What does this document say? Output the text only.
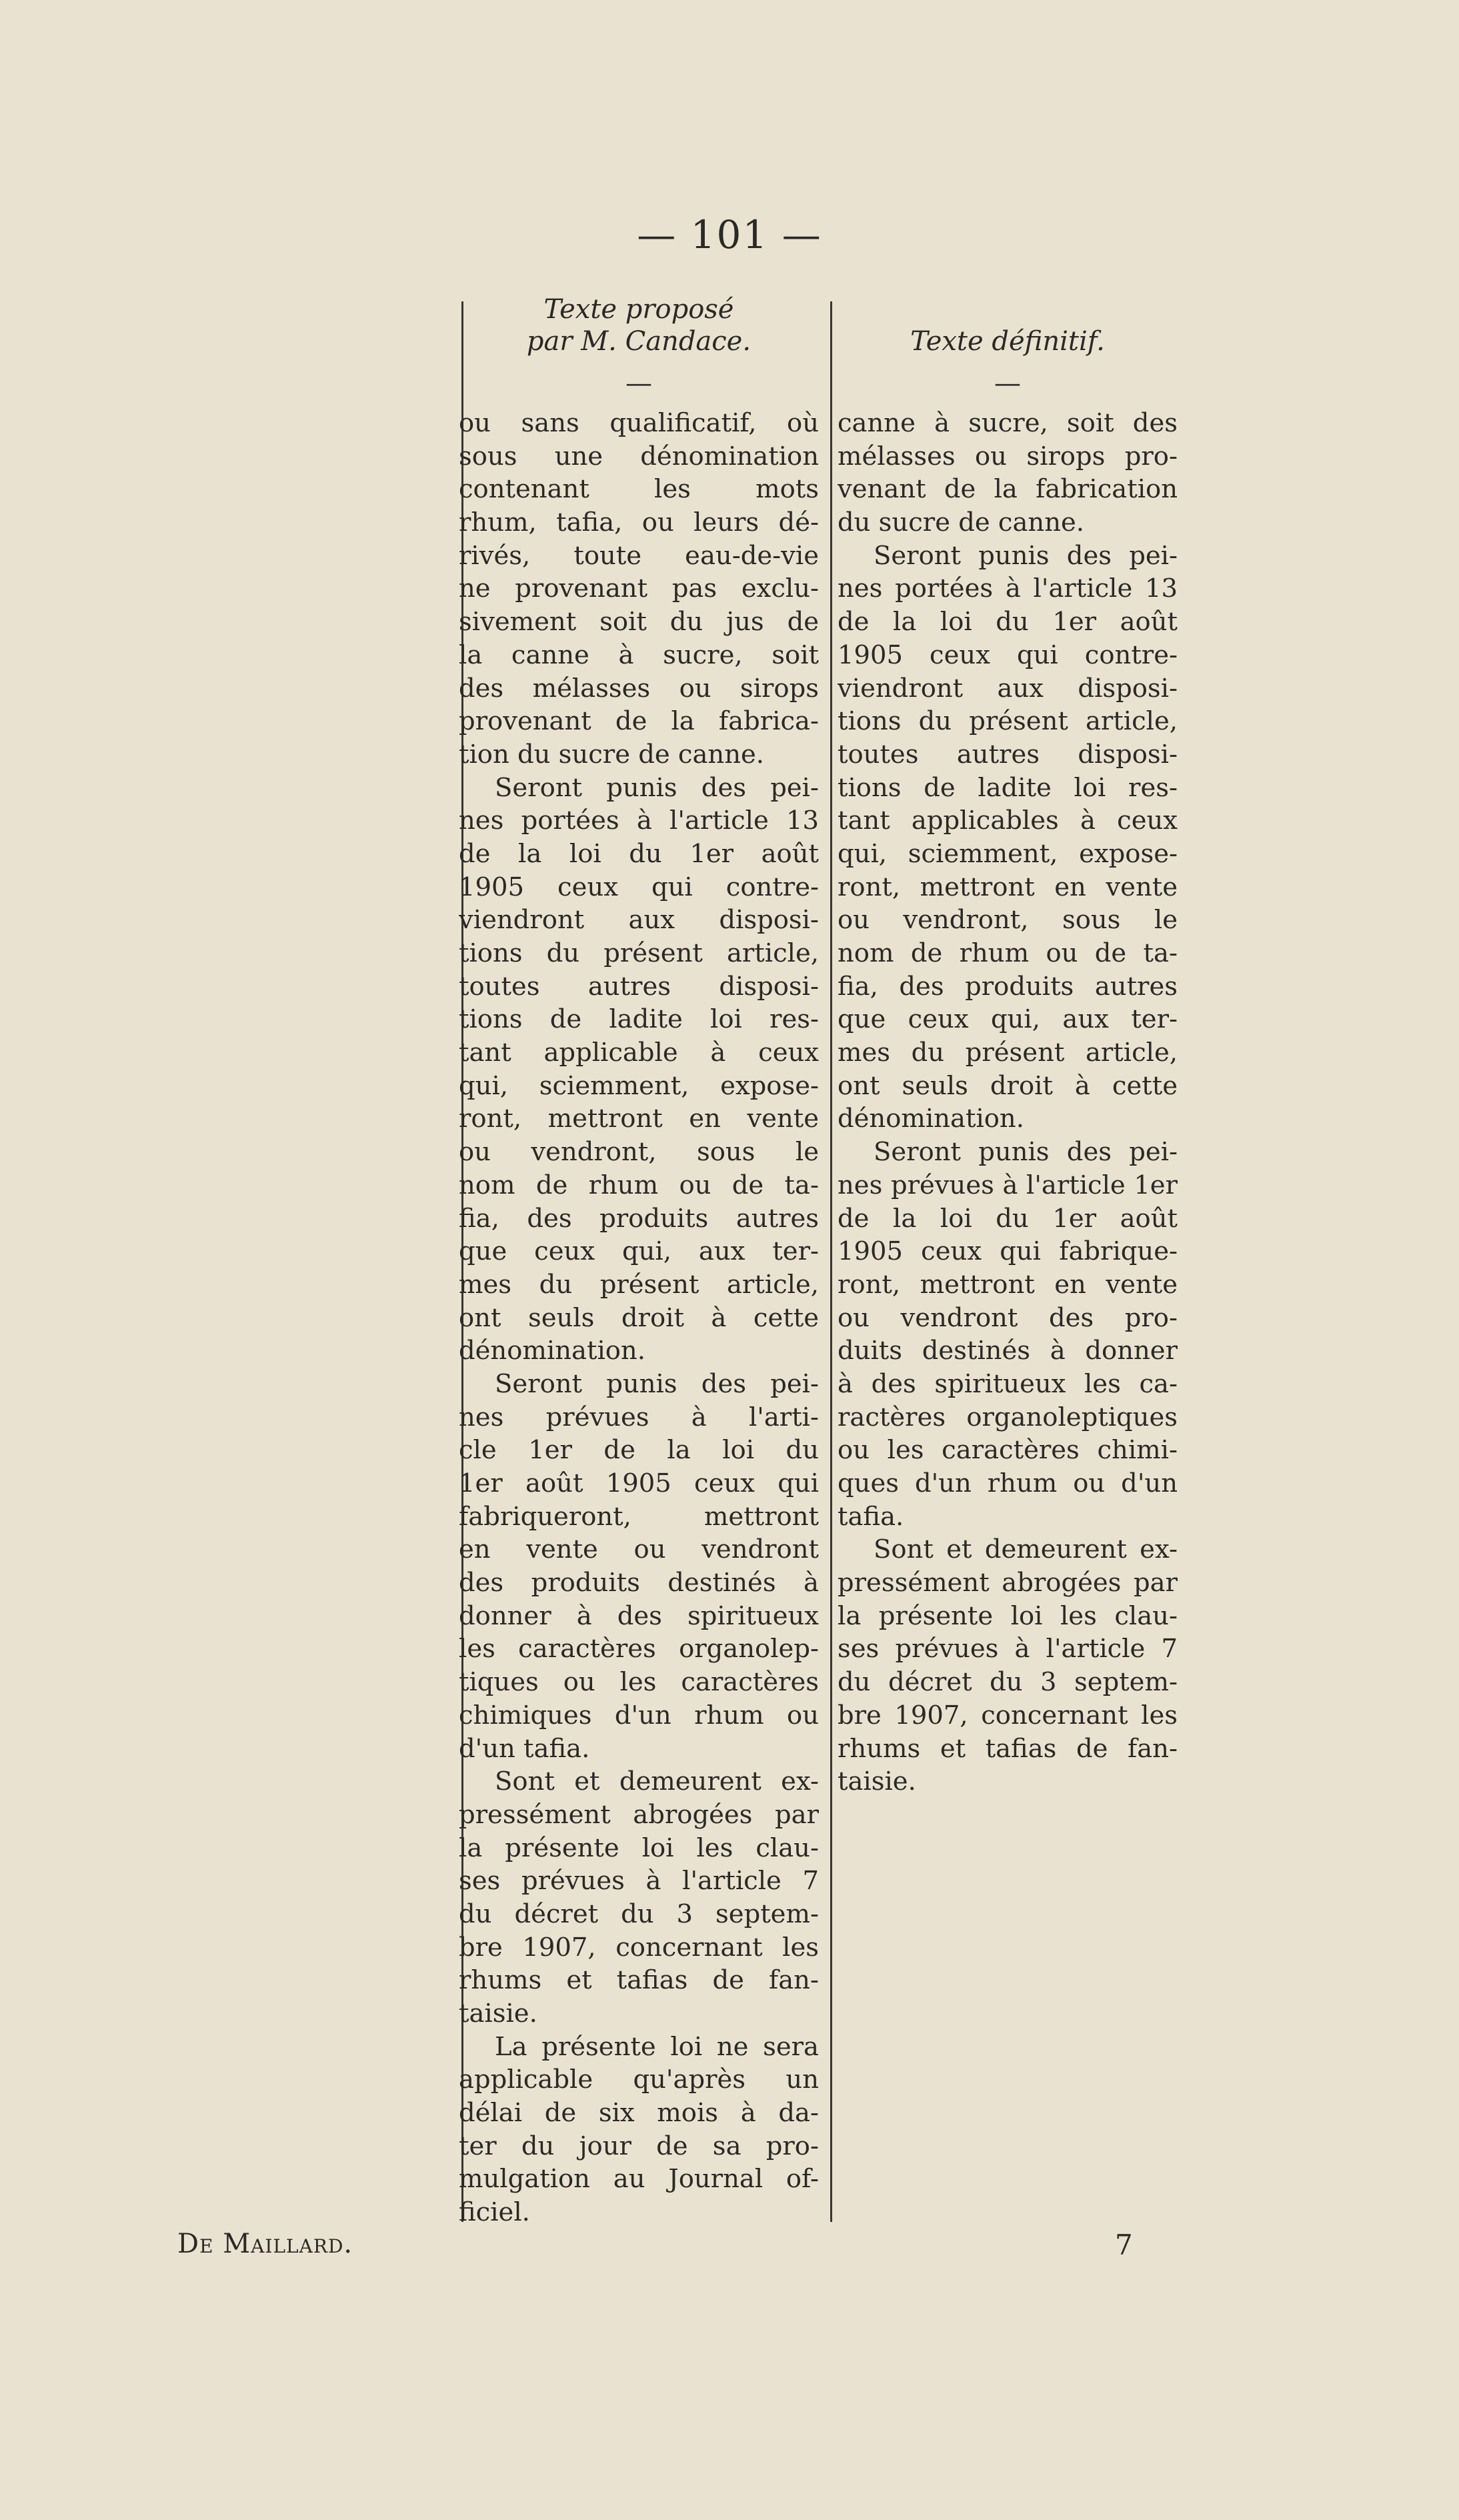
— 101 —
Texte proposé
par M. Candace.
—
ou sans qualificatif, où
sous une dénomination
contenant les mots
rhum, tafia, ou leurs dé-
rivés, toute eau-de-vie
ne provenant pas exclu-
sivement soit du jus de
la canne à sucre, soit
des mélasses ou sirops
provenant de la fabrica-
tion du sucre de canne.
Seront punis des pei-
nes portées à l'article 13
de la loi du 1er août
1905 ceux qui contre-
viendront aux disposi-
tions du présent article,
toutes autres disposi-
tions de ladite loi res-
tant applicable à ceux
qui, sciemment, expose-
ront, mettront en vente
ou vendront, sous le
nom de rhum ou de ta-
fia, des produits autres
que ceux qui, aux ter-
mes du présent article,
ont seuls droit à cette
dénomination.
Seront punis des pei-
nes prévues à l'arti-
cle 1er de la loi du
1er août 1905 ceux qui
fabriqueront, mettront
en vente ou vendront
des produits destinés à
donner à des spiritueux
les caractères organolep-
tiques ou les caractères
chimiques d'un rhum ou
d'un tafia.
Sont et demeurent ex-
pressément abrogées par
la présente loi les clau-
ses prévues à l'article 7
du décret du 3 septem-
bre 1907, concernant les
rhums et tafias de fan-
taisie.
La présente loi ne sera
applicable qu'après un
délai de six mois à da-
ter du jour de sa pro-
mulgation au Journal of-
ficiel.
Texte définitif.
—
canne à sucre, soit des
mélasses ou sirops pro-
venant de la fabrication
du sucre de canne.
Seront punis des pei-
nes portées à l'article 13
de la loi du 1er août
1905 ceux qui contre-
viendront aux disposi-
tions du présent article,
toutes autres disposi-
tions de ladite loi res-
tant applicables à ceux
qui, sciemment, expose-
ront, mettront en vente
ou vendront, sous le
nom de rhum ou de ta-
fia, des produits autres
que ceux qui, aux ter-
mes du présent article,
ont seuls droit à cette
dénomination.
Seront punis des pei-
nes prévues à l'article 1er
de la loi du 1er août
1905 ceux qui fabrique-
ront, mettront en vente
ou vendront des pro-
duits destinés à donner
à des spiritueux les ca-
ractères organoleptiques
ou les caractères chimi-
ques d'un rhum ou d'un
tafia.
Sont et demeurent ex-
pressément abrogées par
la présente loi les clau-
ses prévues à l'article 7
du décret du 3 septem-
bre 1907, concernant les
rhums et tafias de fan-
taisie.
De Maillard.	7
